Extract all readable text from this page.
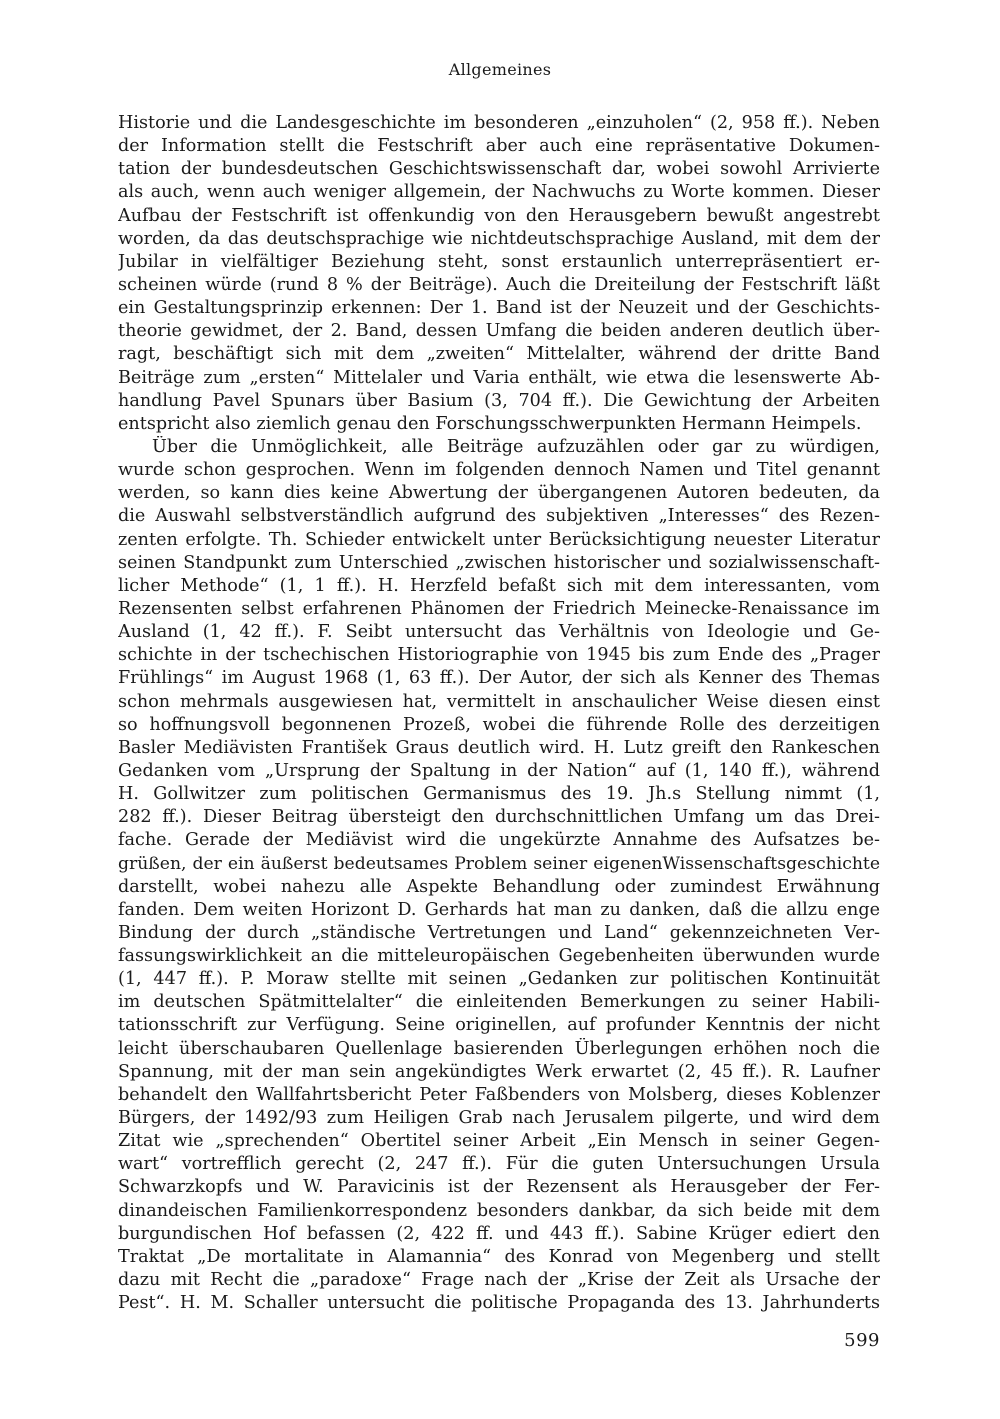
Allgemeines
Historie und die Landesgeschichte im besonderen „einzuholen“ (2, 958 ff.). Neben
der Information stellt die Festschrift aber auch eine repräsentative Dokumen-
tation der bundesdeutschen Geschichtswissenschaft dar, wobei sowohl Arrivierte
als auch, wenn auch weniger allgemein, der Nachwuchs zu Worte kommen. Dieser
Aufbau der Festschrift ist offenkundig von den Herausgebern bewußt angestrebt
worden, da das deutschsprachige wie nichtdeutschsprachige Ausland, mit dem der
Jubilar in vielfältiger Beziehung steht, sonst erstaunlich unterrepräsentiert er-
scheinen würde (rund 8 % der Beiträge). Auch die Dreiteilung der Festschrift läßt
ein Gestaltungsprinzip erkennen: Der 1. Band ist der Neuzeit und der Geschichts-
theorie gewidmet, der 2. Band, dessen Umfang die beiden anderen deutlich über-
ragt, beschäftigt sich mit dem „zweiten“ Mittelalter, während der dritte Band
Beiträge zum „ersten“ Mittelaler und Varia enthält, wie etwa die lesenswerte Ab-
handlung Pavel Spunars über Basium (3, 704 ff.). Die Gewichtung der Arbeiten
entspricht also ziemlich genau den Forschungsschwerpunkten Hermann Heimpels.
Über die Unmöglichkeit, alle Beiträge aufzuzählen oder gar zu würdigen,
wurde schon gesprochen. Wenn im folgenden dennoch Namen und Titel genannt
werden, so kann dies keine Abwertung der übergangenen Autoren bedeuten, da
die Auswahl selbstverständlich aufgrund des subjektiven „Interesses“ des Rezen-
zenten erfolgte. Th. Schieder entwickelt unter Berücksichtigung neuester Literatur
seinen Standpunkt zum Unterschied „zwischen historischer und sozialwissenschaft-
licher Methode“ (1, 1 ff.). H. Herzfeld befaßt sich mit dem interessanten, vom
Rezensenten selbst erfahrenen Phänomen der Friedrich Meinecke-Renaissance im
Ausland (1, 42 ff.). F. Seibt untersucht das Verhältnis von Ideologie und Ge-
schichte in der tschechischen Historiographie von 1945 bis zum Ende des „Prager
Frühlings“ im August 1968 (1, 63 ff.). Der Autor, der sich als Kenner des Themas
schon mehrmals ausgewiesen hat, vermittelt in anschaulicher Weise diesen einst
so hoffnungsvoll begonnenen Prozeß, wobei die führende Rolle des derzeitigen
Basler Mediävisten František Graus deutlich wird. H. Lutz greift den Rankeschen
Gedanken vom „Ursprung der Spaltung in der Nation“ auf (1, 140 ff.), während
H. Gollwitzer zum politischen Germanismus des 19. Jh.s Stellung nimmt (1,
282 ff.). Dieser Beitrag übersteigt den durchschnittlichen Umfang um das Drei-
fache. Gerade der Mediävist wird die ungekürzte Annahme des Aufsatzes be-
grüßen, der ein äußerst bedeutsames Problem seiner eigenenWissenschaftsgeschichte
darstellt, wobei nahezu alle Aspekte Behandlung oder zumindest Erwähnung
fanden. Dem weiten Horizont D. Gerhards hat man zu danken, daß die allzu enge
Bindung der durch „ständische Vertretungen und Land“ gekennzeichneten Ver-
fassungswirklichkeit an die mitteleuropäischen Gegebenheiten überwunden wurde
(1, 447 ff.). P. Moraw stellte mit seinen „Gedanken zur politischen Kontinuität
im deutschen Spätmittelalter“ die einleitenden Bemerkungen zu seiner Habili-
tationsschrift zur Verfügung. Seine originellen, auf profunder Kenntnis der nicht
leicht überschaubaren Quellenlage basierenden Überlegungen erhöhen noch die
Spannung, mit der man sein angekündigtes Werk erwartet (2, 45 ff.). R. Laufner
behandelt den Wallfahrtsbericht Peter Faßbenders von Molsberg, dieses Koblenzer
Bürgers, der 1492/93 zum Heiligen Grab nach Jerusalem pilgerte, und wird dem
Zitat wie „sprechenden“ Obertitel seiner Arbeit „Ein Mensch in seiner Gegen-
wart“ vortrefflich gerecht (2, 247 ff.). Für die guten Untersuchungen Ursula
Schwarzkopfs und W. Paravicinis ist der Rezensent als Herausgeber der Fer-
dinandeischen Familienkorrespondenz besonders dankbar, da sich beide mit dem
burgundischen Hof befassen (2, 422 ff. und 443 ff.). Sabine Krüger ediert den
Traktat „De mortalitate in Alamannia“ des Konrad von Megenberg und stellt
dazu mit Recht die „paradoxe“ Frage nach der „Krise der Zeit als Ursache der
Pest“. H. M. Schaller untersucht die politische Propaganda des 13. Jahrhunderts
599
